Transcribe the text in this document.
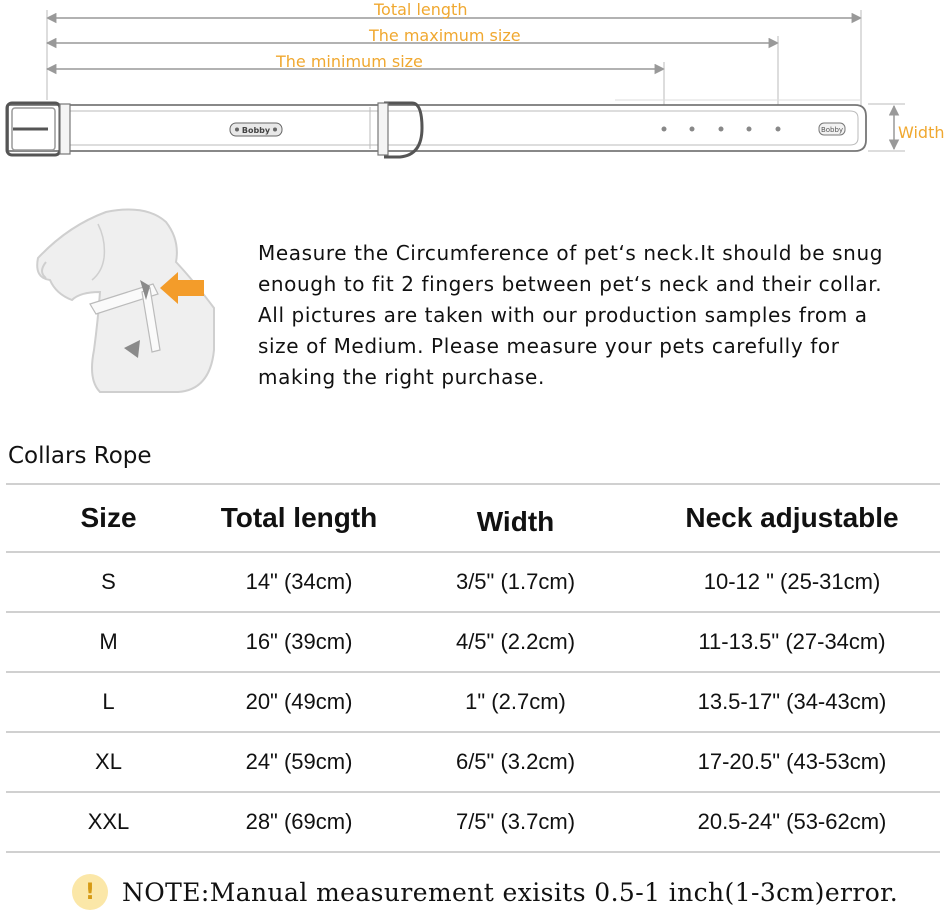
Bobby	Bobby
Total length
The maximum size
The minimum size
Width

Measure the Circumference of pet‘s neck.It should be snug

enough to fit 2 fingers between pet‘s neck and their collar.

All pictures are taken with our production samples from a

size of Medium. Please measure your pets carefully for

making the right purchase.

Collars Rope
Size	Total length	Width	Neck adjustable
S	14" (34cm)	3/5" (1.7cm)	10-12 " (25-31cm)
M	16" (39cm)	4/5" (2.2cm)	11-13.5" (27-34cm)
L	20" (49cm)	1" (2.7cm)	13.5-17" (34-43cm)
XL	24" (59cm)	6/5" (3.2cm)	17-20.5" (43-53cm)
XXL	28" (69cm)	7/5" (3.7cm)	20.5-24" (53-62cm)
!	NOTE:Manual measurement exisits 0.5-1 inch(1-3cm)error.
